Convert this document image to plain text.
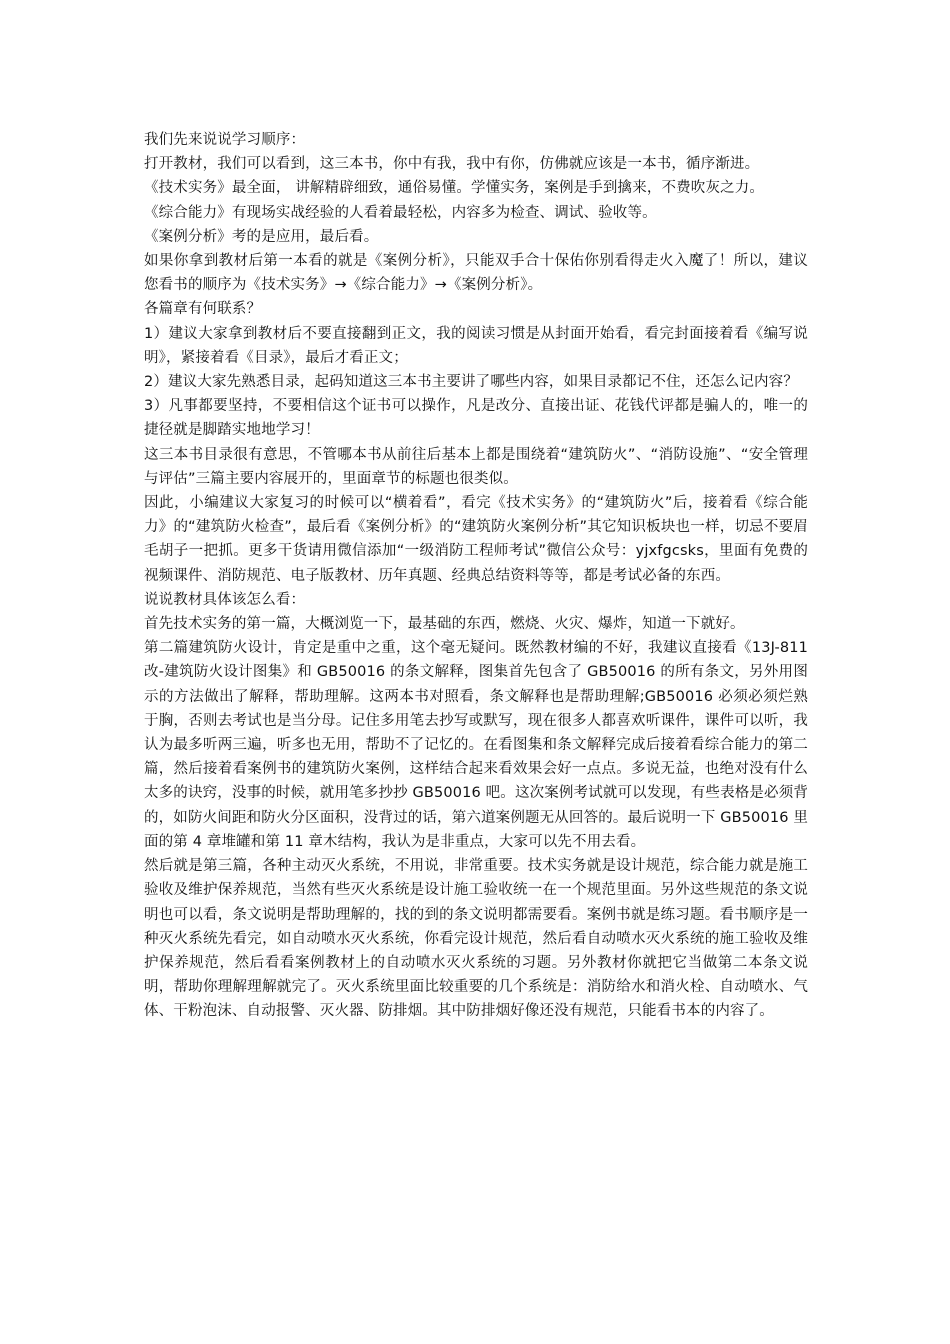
我们先来说说学习顺序：

打开教材，我们可以看到，这三本书，你中有我，我中有你，仿佛就应该是一本书，循序渐进。

《技术实务》最全面， 讲解精辟细致，通俗易懂。学懂实务，案例是手到擒来，不费吹灰之力。

《综合能力》有现场实战经验的人看着最轻松，内容多为检查、调试、验收等。

《案例分析》考的是应用，最后看。

如果你拿到教材后第一本看的就是《案例分析》，只能双手合十保佑你别看得走火入魔了！所以，建议您看书的顺序为《技术实务》→《综合能力》→《案例分析》。

各篇章有何联系？

1）建议大家拿到教材后不要直接翻到正文，我的阅读习惯是从封面开始看，看完封面接着看《编写说明》，紧接着看《目录》，最后才看正文；

2）建议大家先熟悉目录，起码知道这三本书主要讲了哪些内容，如果目录都记不住，还怎么记内容？

3）凡事都要坚持，不要相信这个证书可以操作，凡是改分、直接出证、花钱代评都是骗人的，唯一的捷径就是脚踏实地地学习！

这三本书目录很有意思，不管哪本书从前往后基本上都是围绕着“建筑防火”、“消防设施”、“安全管理与评估”三篇主要内容展开的，里面章节的标题也很类似。

因此，小编建议大家复习的时候可以“横着看”，看完《技术实务》的“建筑防火”后，接着看《综合能力》的“建筑防火检查”，最后看《案例分析》的“建筑防火案例分析”其它知识板块也一样，切忌不要眉毛胡子一把抓。更多干货请用微信添加“一级消防工程师考试”微信公众号：yjxfgcsks，里面有免费的视频课件、消防规范、电子版教材、历年真题、经典总结资料等等，都是考试必备的东西。

说说教材具体该怎么看：

首先技术实务的第一篇，大概浏览一下，最基础的东西，燃烧、火灾、爆炸，知道一下就好。

第二篇建筑防火设计，肯定是重中之重，这个毫无疑问。既然教材编的不好，我建议直接看《13J-811 改-建筑防火设计图集》和 GB50016 的条文解释，图集首先包含了 GB50016 的所有条文，另外用图示的方法做出了解释，帮助理解。这两本书对照看，条文解释也是帮助理解;GB50016 必须必须烂熟于胸，否则去考试也是当分母。记住多用笔去抄写或默写，现在很多人都喜欢听课件，课件可以听，我认为最多听两三遍，听多也无用，帮助不了记忆的。在看图集和条文解释完成后接着看综合能力的第二篇，然后接着看案例书的建筑防火案例，这样结合起来看效果会好一点点。多说无益，也绝对没有什么太多的诀窍，没事的时候，就用笔多抄抄 GB50016 吧。这次案例考试就可以发现，有些表格是必须背的，如防火间距和防火分区面积，没背过的话，第六道案例题无从回答的。最后说明一下 GB50016 里面的第 4 章堆罐和第 11 章木结构，我认为是非重点，大家可以先不用去看。

然后就是第三篇，各种主动灭火系统，不用说，非常重要。技术实务就是设计规范，综合能力就是施工验收及维护保养规范，当然有些灭火系统是设计施工验收统一在一个规范里面。另外这些规范的条文说明也可以看，条文说明是帮助理解的，找的到的条文说明都需要看。案例书就是练习题。看书顺序是一种灭火系统先看完，如自动喷水灭火系统，你看完设计规范，然后看自动喷水灭火系统的施工验收及维护保养规范，然后看看案例教材上的自动喷水灭火系统的习题。另外教材你就把它当做第二本条文说明，帮助你理解理解就完了。灭火系统里面比较重要的几个系统是：消防给水和消火栓、自动喷水、气体、干粉泡沫、自动报警、灭火器、防排烟。其中防排烟好像还没有规范，只能看书本的内容了。
